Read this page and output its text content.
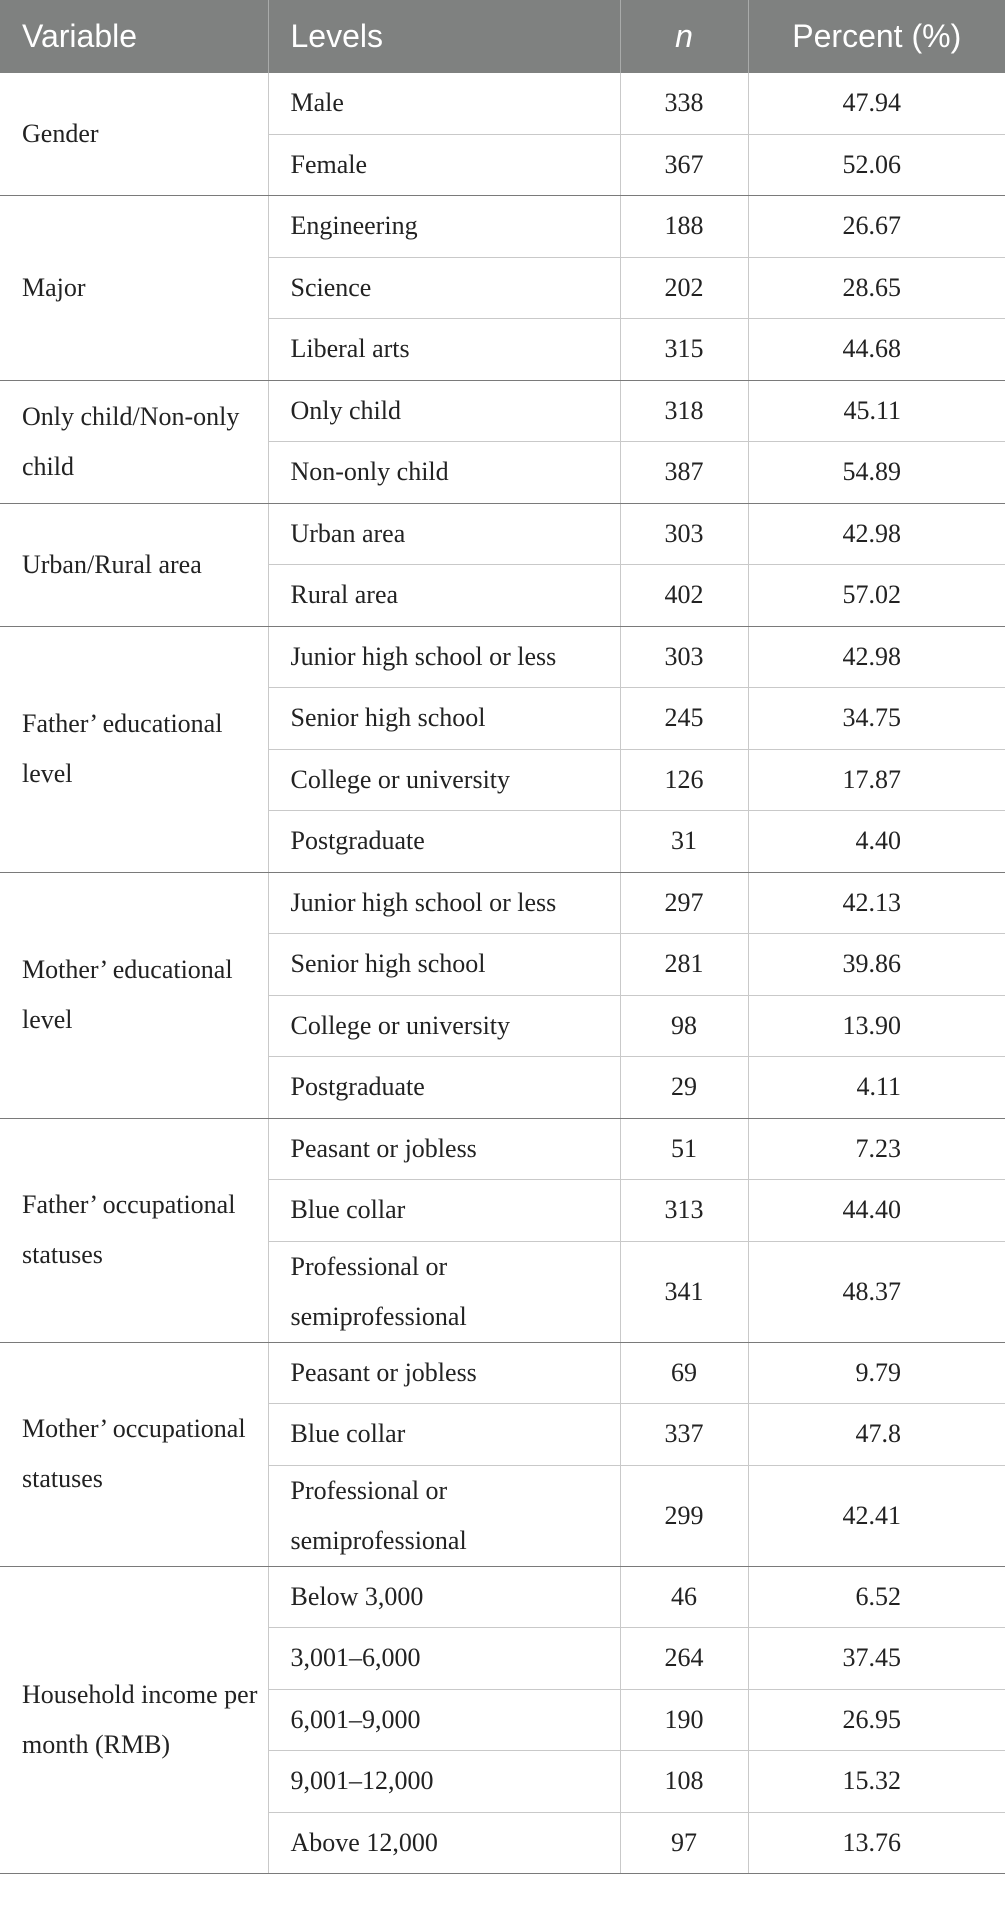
Variable	Levels	n	Percent (%)
Gender	Male	338	47.94
	Female	367	52.06
Major	Engineering	188	26.67
	Science	202	28.65
	Liberal arts	315	44.68
Only child/Non-only child	Only child	318	45.11
	Non-only child	387	54.89
Urban/Rural area	Urban area	303	42.98
	Rural area	402	57.02
Father’ educational level	Junior high school or less	303	42.98
	Senior high school	245	34.75
	College or university	126	17.87
	Postgraduate	31	4.40
Mother’ educational level	Junior high school or less	297	42.13
	Senior high school	281	39.86
	College or university	98	13.90
	Postgraduate	29	4.11
Father’ occupational statuses	Peasant or jobless	51	7.23
	Blue collar	313	44.40
	Professional or semiprofessional	341	48.37
Mother’ occupational statuses	Peasant or jobless	69	9.79
	Blue collar	337	47.8
	Professional or semiprofessional	299	42.41
Household income per month (RMB)	Below 3,000	46	6.52
	3,001–6,000	264	37.45
	6,001–9,000	190	26.95
	9,001–12,000	108	15.32
	Above 12,000	97	13.76
